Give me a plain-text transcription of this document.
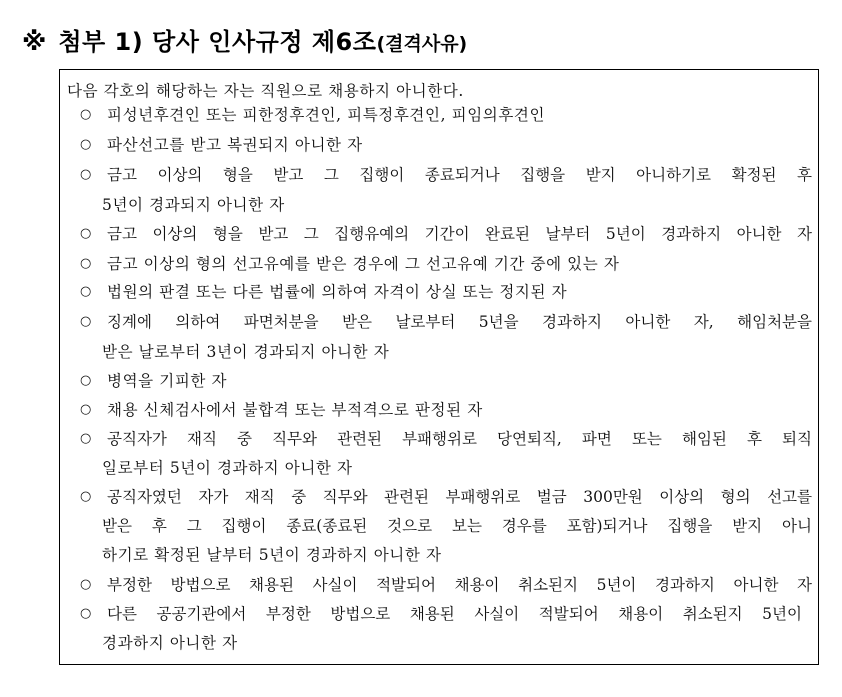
※ 첨부 1) 당사 인사규정 제6조(결격사유)
다음 각호의 해당하는 자는 직원으로 채용하지 아니한다.
○ 피성년후견인 또는 피한정후견인, 피특정후견인, 피임의후견인
○ 파산선고를 받고 복권되지 아니한 자
○ 금고 이상의 형을 받고 그 집행이 종료되거나 집행을 받지 아니하기로 확정된 후
5년이 경과되지 아니한 자
○ 금고 이상의 형을 받고 그 집행유예의 기간이 완료된 날부터 5년이 경과하지 아니한 자
○ 금고 이상의 형의 선고유예를 받은 경우에 그 선고유예 기간 중에 있는 자
○ 법원의 판결 또는 다른 법률에 의하여 자격이 상실 또는 정지된 자
○ 징계에 의하여 파면처분을 받은 날로부터 5년을 경과하지 아니한 자, 해임처분을
받은 날로부터 3년이 경과되지 아니한 자
○ 병역을 기피한 자
○ 채용 신체검사에서 불합격 또는 부적격으로 판정된 자
○ 공직자가 재직 중 직무와 관련된 부패행위로 당연퇴직, 파면 또는 해임된 후 퇴직
일로부터 5년이 경과하지 아니한 자
○ 공직자였던 자가 재직 중 직무와 관련된 부패행위로 벌금 300만원 이상의 형의 선고를
받은 후 그 집행이 종료(종료된 것으로 보는 경우를 포함)되거나 집행을 받지 아니
하기로 확정된 날부터 5년이 경과하지 아니한 자
○ 부정한 방법으로 채용된 사실이 적발되어 채용이 취소된지 5년이 경과하지 아니한 자
○ 다른 공공기관에서 부정한 방법으로 채용된 사실이 적발되어 채용이 취소된지 5년이
경과하지 아니한 자
